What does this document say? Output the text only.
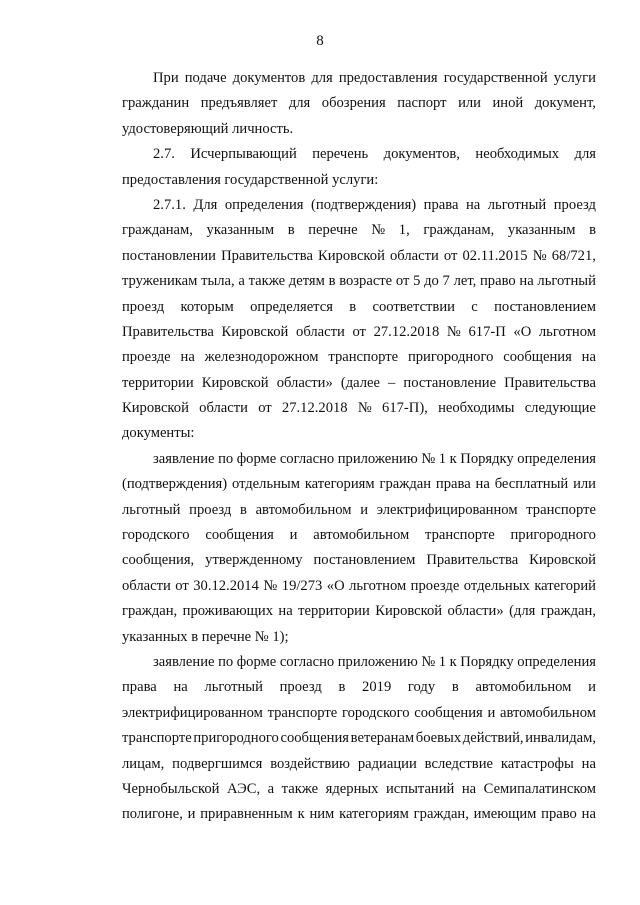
8
При подаче документов для предоставления государственной услуги
гражданин предъявляет для обозрения паспорт или иной документ,
удостоверяющий личность.
2.7. Исчерпывающий перечень документов, необходимых для
предоставления государственной услуги:
2.7.1. Для определения (подтверждения) права на льготный проезд
гражданам, указанным в перечне № 1, гражданам, указанным в
постановлении Правительства Кировской области от 02.11.2015 № 68/721,
труженикам тыла, а также детям в возрасте от 5 до 7 лет, право на льготный
проезд которым определяется в соответствии с постановлением
Правительства Кировской области от 27.12.2018 № 617-П «О льготном
проезде на железнодорожном транспорте пригородного сообщения на
территории Кировской области» (далее – постановление Правительства
Кировской области от 27.12.2018 № 617-П), необходимы следующие
документы:
заявление по форме согласно приложению № 1 к Порядку определения
(подтверждения) отдельным категориям граждан права на бесплатный или
льготный проезд в автомобильном и электрифицированном транспорте
городского сообщения и автомобильном транспорте пригородного
сообщения, утвержденному постановлением Правительства Кировской
области от 30.12.2014 № 19/273 «О льготном проезде отдельных категорий
граждан, проживающих на территории Кировской области» (для граждан,
указанных в перечне № 1);
заявление по форме согласно приложению № 1 к Порядку определения
права на льготный проезд в 2019 году в автомобильном и
электрифицированном транспорте городского сообщения и автомобильном
транспорте пригородного сообщения ветеранам боевых действий, инвалидам,
лицам, подвергшимся воздействию радиации вследствие катастрофы на
Чернобыльской АЭС, а также ядерных испытаний на Семипалатинском
полигоне, и приравненным к ним категориям граждан, имеющим право на
